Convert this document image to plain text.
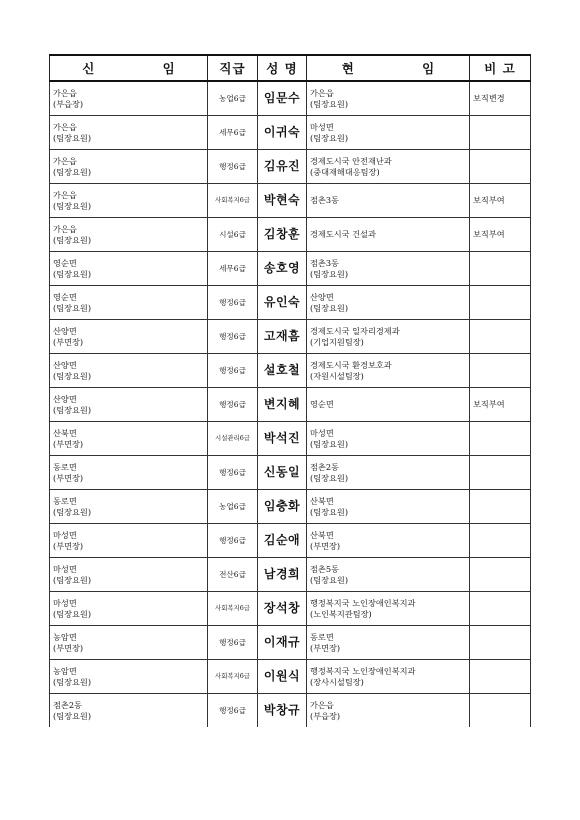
신 임	직급	성 명	현 임	비 고

가은읍
(부읍장)	농업6급	임문수	가은읍
(팀장요원)	보직변경

가은읍
(팀장요원)	세무6급	이귀숙	마성면
(팀장요원)	

가은읍
(팀장요원)	행정6급	김유진	경제도시국 안전재난과
(중대재해대응팀장)	

가은읍
(팀장요원)	사회복지6급	박현숙	점촌3동	보직부여

가은읍
(팀장요원)	시설6급	김창훈	경제도시국 건설과	보직부여

영순면
(팀장요원)	세무6급	송호영	점촌3동
(팀장요원)	

영순면
(팀장요원)	행정6급	유인숙	산양면
(팀장요원)	

산양면
(부면장)	행정6급	고재흠	경제도시국 일자리경제과
(기업지원팀장)	

산양면
(팀장요원)	행정6급	설호철	경제도시국 환경보호과
(자원시설팀장)	

산양면
(팀장요원)	행정6급	변지혜	영순면	보직부여

산북면
(부면장)	시설관리6급	박석진	마성면
(팀장요원)	

동로면
(부면장)	행정6급	신동일	점촌2동
(팀장요원)	

동로면
(팀장요원)	농업6급	임충화	산북면
(팀장요원)	

마성면
(부면장)	행정6급	김순애	산북면
(부면장)	

마성면
(팀장요원)	전산6급	남경희	점촌5동
(팀장요원)	

마성면
(팀장요원)	사회복지6급	장석창	행정복지국 노인장애인복지과
(노인복지관팀장)	

농암면
(부면장)	행정6급	이재규	동로면
(부면장)	

농암면
(팀장요원)	사회복지6급	이원식	행정복지국 노인장애인복지과
(장사시설팀장)	

점촌2동
(팀장요원)	행정6급	박창규	가은읍
(부읍장)	
